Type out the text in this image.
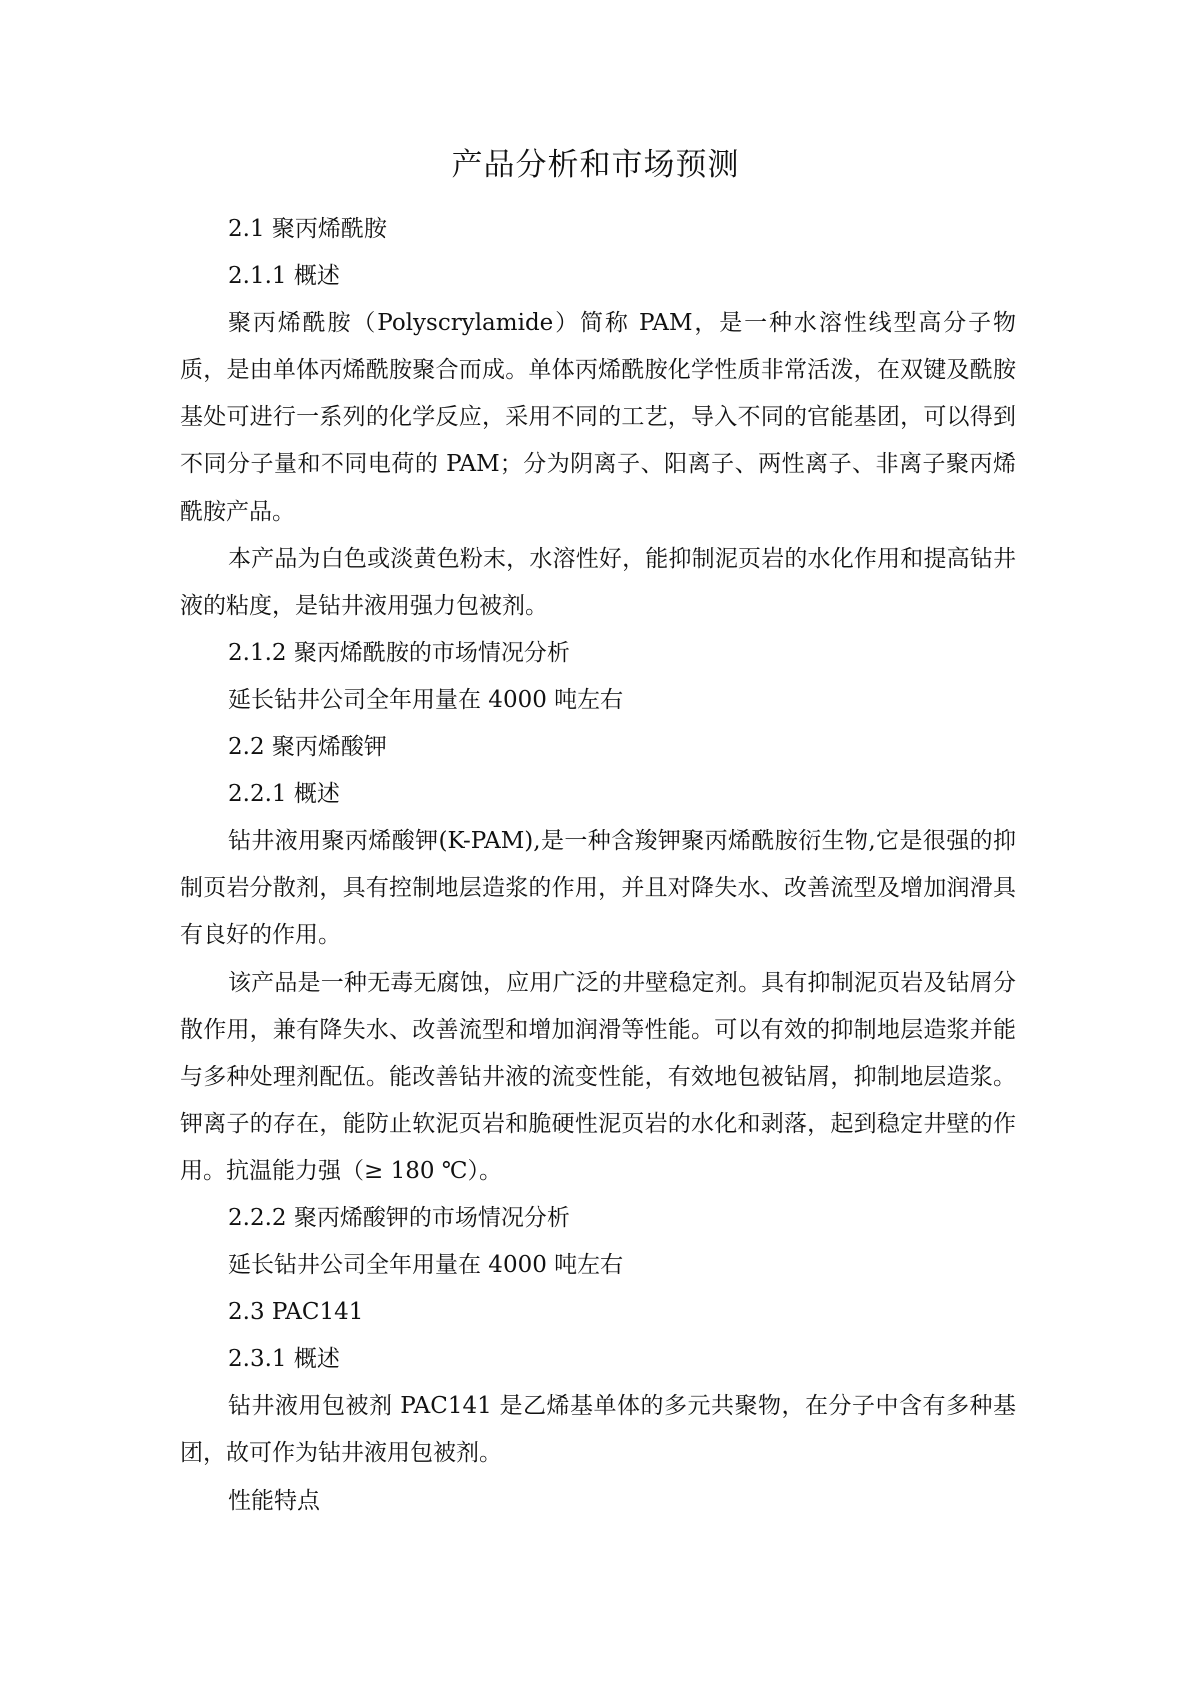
产品分析和市场预测

2.1 聚丙烯酰胺

2.1.1 概述

聚丙烯酰胺（Polyscrylamide）简称 PAM，是一种水溶性线型高分子物质，是由单体丙烯酰胺聚合而成。单体丙烯酰胺化学性质非常活泼，在双键及酰胺基处可进行一系列的化学反应，采用不同的工艺，导入不同的官能基团，可以得到不同分子量和不同电荷的 PAM；分为阴离子、阳离子、两性离子、非离子聚丙烯酰胺产品。

本产品为白色或淡黄色粉末，水溶性好，能抑制泥页岩的水化作用和提高钻井液的粘度，是钻井液用强力包被剂。

2.1.2 聚丙烯酰胺的市场情况分析

延长钻井公司全年用量在 4000 吨左右

2.2 聚丙烯酸钾

2.2.1 概述

钻井液用聚丙烯酸钾(K-PAM),是一种含羧钾聚丙烯酰胺衍生物,它是很强的抑制页岩分散剂，具有控制地层造浆的作用，并且对降失水、改善流型及增加润滑具有良好的作用。

该产品是一种无毒无腐蚀，应用广泛的井壁稳定剂。具有抑制泥页岩及钻屑分散作用，兼有降失水、改善流型和增加润滑等性能。可以有效的抑制地层造浆并能与多种处理剂配伍。能改善钻井液的流变性能，有效地包被钻屑，抑制地层造浆。钾离子的存在，能防止软泥页岩和脆硬性泥页岩的水化和剥落，起到稳定井壁的作用。抗温能力强（≥ 180 ℃）。

2.2.2 聚丙烯酸钾的市场情况分析

延长钻井公司全年用量在 4000 吨左右

2.3 PAC141

2.3.1 概述

钻井液用包被剂 PAC141 是乙烯基单体的多元共聚物，在分子中含有多种基团，故可作为钻井液用包被剂。

性能特点
